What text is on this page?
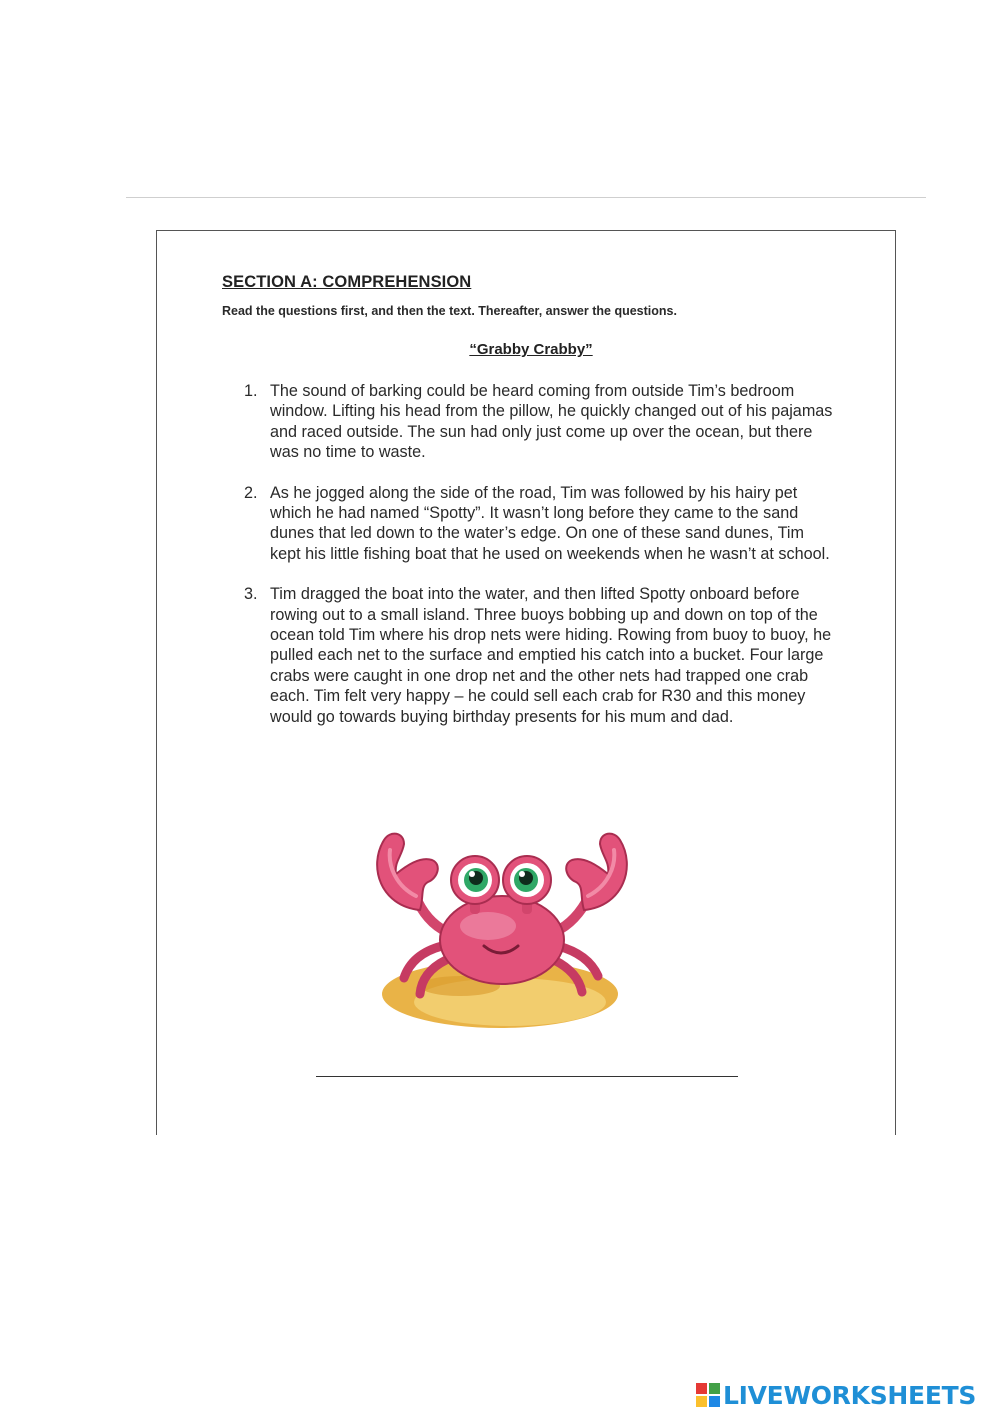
SECTION A: COMPREHENSION

Read the questions first, and then the text. Thereafter, answer the questions.

“Grabby Crabby”
1. The sound of barking could be heard coming from outside Tim’s bedroom window. Lifting his head from the pillow, he quickly changed out of his pajamas and raced outside. The sun had only just come up over the ocean, but there was no time to waste.
2. As he jogged along the side of the road, Tim was followed by his hairy pet which he had named “Spotty”. It wasn’t long before they came to the sand dunes that led down to the water’s edge. On one of these sand dunes, Tim kept his little fishing boat that he used on weekends when he wasn’t at school.
3. Tim dragged the boat into the water, and then lifted Spotty onboard before rowing out to a small island. Three buoys bobbing up and down on top of the ocean told Tim where his drop nets were hiding. Rowing from buoy to buoy, he pulled each net to the surface and emptied his catch into a bucket. Four large crabs were caught in one drop net and the other nets had trapped one crab each. Tim felt very happy – he could sell each crab for R30 and this money would go towards buying birthday presents for his mum and dad.
LIVEWORKSHEETS
